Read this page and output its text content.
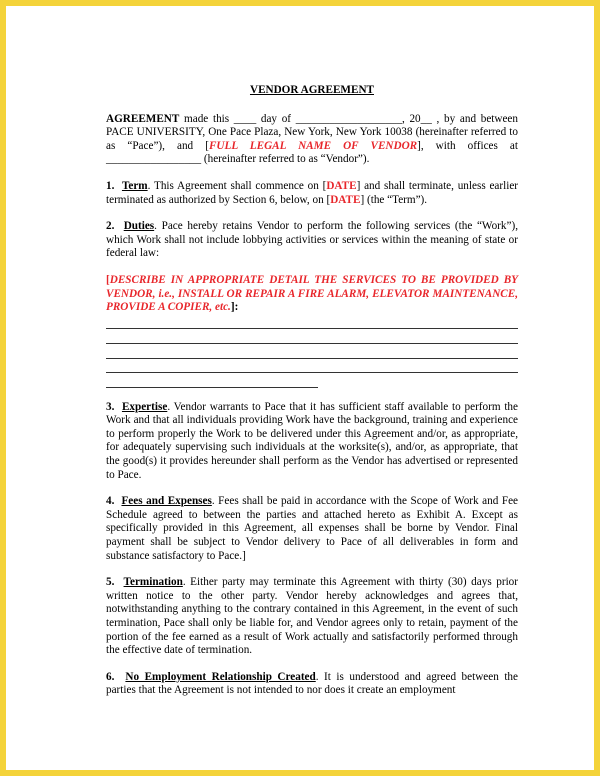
VENDOR AGREEMENT

AGREEMENT made this ____ day of ___________________, 20__ , by and between PACE UNIVERSITY, One Pace Plaza, New York, New York 10038 (hereinafter referred to as “Pace”), and [FULL LEGAL NAME OF VENDOR], with offices at _________________ (hereinafter referred to as “Vendor”).

1. Term. This Agreement shall commence on [DATE] and shall terminate, unless earlier terminated as authorized by Section 6, below, on [DATE] (the “Term”).

2. Duties. Pace hereby retains Vendor to perform the following services (the “Work”), which Work shall not include lobbying activities or services within the meaning of state or federal law:

[DESCRIBE IN APPROPRIATE DETAIL THE SERVICES TO BE PROVIDED BY VENDOR, i.e., INSTALL OR REPAIR A FIRE ALARM, ELEVATOR MAINTENANCE, PROVIDE A COPIER, etc.]:

3. Expertise. Vendor warrants to Pace that it has sufficient staff available to perform the Work and that all individuals providing Work have the background, training and experience to perform properly the Work to be delivered under this Agreement and/or, as appropriate, for adequately supervising such individuals at the worksite(s), and/or, as appropriate, that the good(s) it provides hereunder shall perform as the Vendor has advertised or represented to Pace.

4. Fees and Expenses. Fees shall be paid in accordance with the Scope of Work and Fee Schedule agreed to between the parties and attached hereto as Exhibit A. Except as specifically provided in this Agreement, all expenses shall be borne by Vendor. Final payment shall be subject to Vendor delivery to Pace of all deliverables in form and substance satisfactory to Pace.]

5. Termination. Either party may terminate this Agreement with thirty (30) days prior written notice to the other party. Vendor hereby acknowledges and agrees that, notwithstanding anything to the contrary contained in this Agreement, in the event of such termination, Pace shall only be liable for, and Vendor agrees only to retain, payment of the portion of the fee earned as a result of Work actually and satisfactorily performed through the effective date of termination.

6. No Employment Relationship Created. It is understood and agreed between the parties that the Agreement is not intended to nor does it create an employment
